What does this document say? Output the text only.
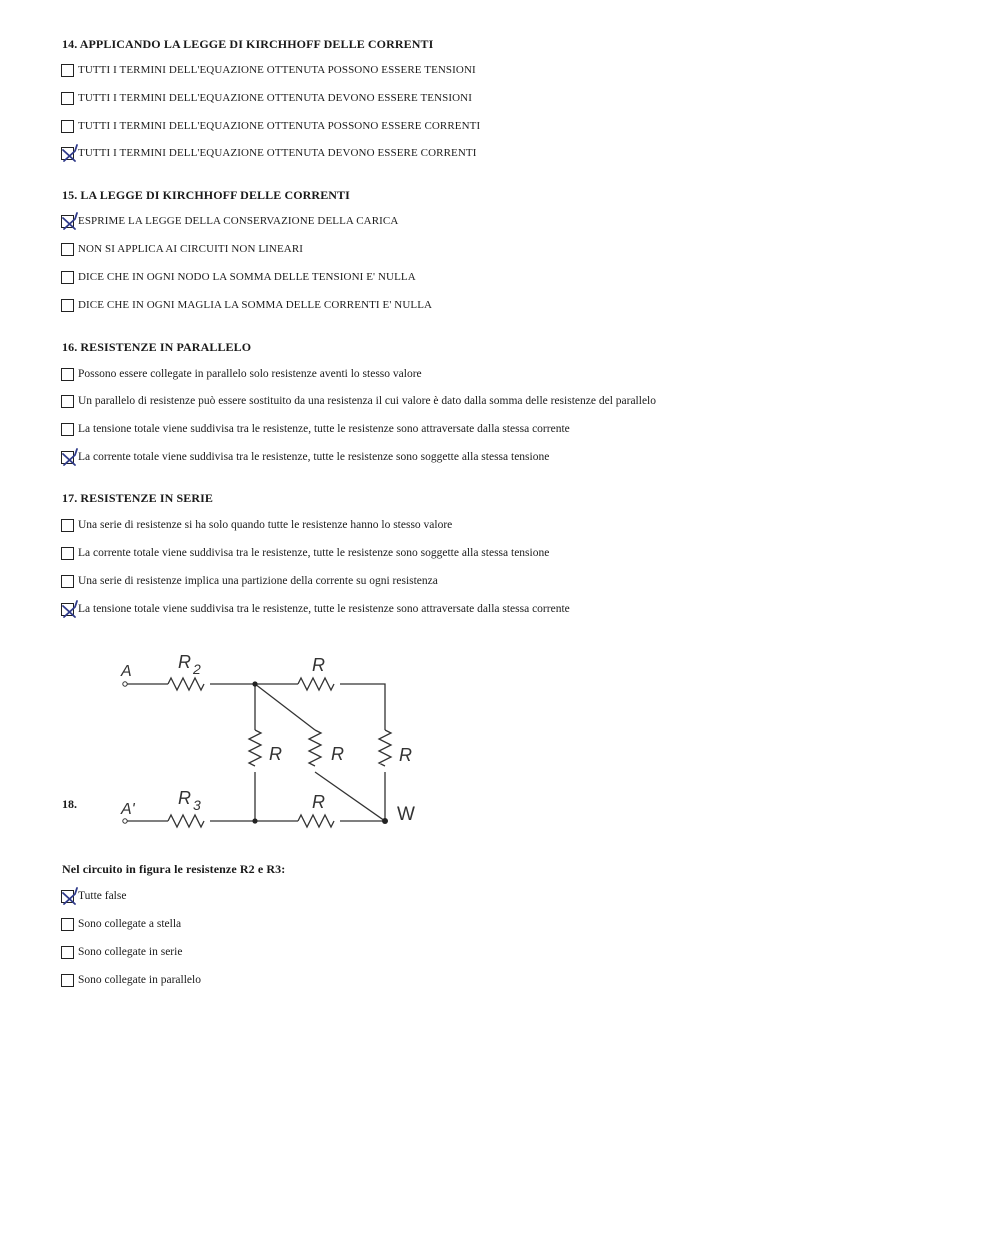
14. APPLICANDO LA LEGGE DI KIRCHHOFF DELLE CORRENTI
TUTTI I TERMINI DELL'EQUAZIONE OTTENUTA POSSONO ESSERE TENSIONI
TUTTI I TERMINI DELL'EQUAZIONE OTTENUTA DEVONO ESSERE TENSIONI
TUTTI I TERMINI DELL'EQUAZIONE OTTENUTA POSSONO ESSERE CORRENTI
TUTTI I TERMINI DELL'EQUAZIONE OTTENUTA DEVONO ESSERE CORRENTI
15. LA LEGGE DI KIRCHHOFF DELLE CORRENTI
ESPRIME LA LEGGE DELLA CONSERVAZIONE DELLA CARICA
NON SI APPLICA AI CIRCUITI NON LINEARI
DICE CHE IN OGNI NODO LA SOMMA DELLE TENSIONI E' NULLA
DICE CHE IN OGNI MAGLIA LA SOMMA DELLE CORRENTI E' NULLA
16. RESISTENZE IN PARALLELO
Possono essere collegate in parallelo solo resistenze aventi lo stesso valore
Un parallelo di resistenze può essere sostituito da una resistenza il cui valore è dato dalla somma delle resistenze del parallelo
La tensione totale viene suddivisa tra le resistenze, tutte le resistenze sono attraversate dalla stessa corrente
La corrente totale viene suddivisa tra le resistenze, tutte le resistenze sono soggette alla stessa tensione
17. RESISTENZE IN SERIE
Una serie di resistenze si ha solo quando tutte le resistenze hanno lo stesso valore
La corrente totale viene suddivisa tra le resistenze, tutte le resistenze sono soggette alla stessa tensione
Una serie di resistenze implica una partizione della corrente su ogni resistenza
La tensione totale viene suddivisa tra le resistenze, tutte le resistenze sono attraversate dalla stessa corrente
18.
A
A'
R $_2$
R $_3$
R
R	R	R
R
W
Nel circuito in figura le resistenze R2 e R3:
Tutte false
Sono collegate a stella
Sono collegate in serie
Sono collegate in parallelo
